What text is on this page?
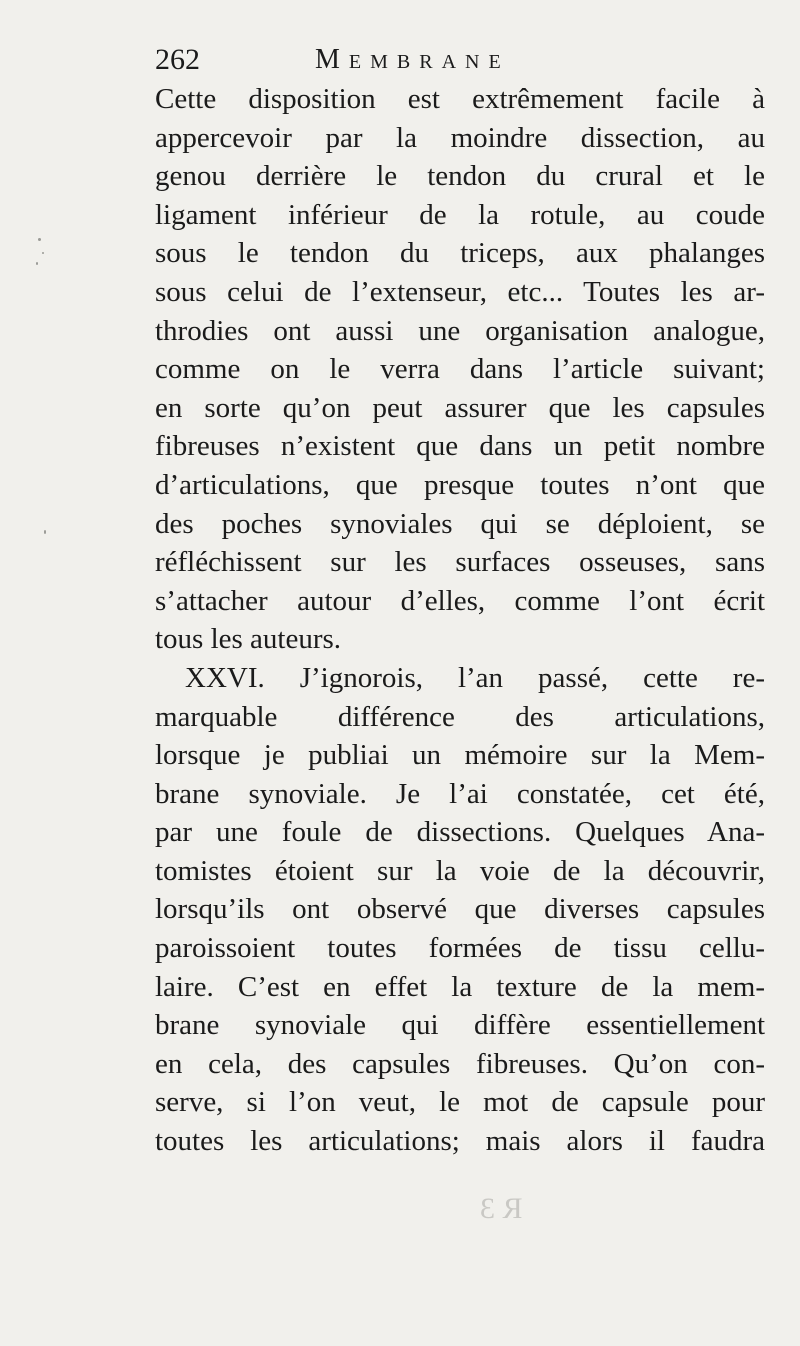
262	Membrane
Cette disposition est extrêmement facile à
appercevoir par la moindre dissection, au
genou derrière le tendon du crural et le
ligament inférieur de la rotule, au coude
sous le tendon du triceps, aux phalanges
sous celui de l’extenseur, etc... Toutes les ar-
throdies ont aussi une organisation analogue,
comme on le verra dans l’article suivant;
en sorte qu’on peut assurer que les capsules
fibreuses n’existent que dans un petit nombre
d’articulations, que presque toutes n’ont que
des poches synoviales qui se déploient, se
réfléchissent sur les surfaces osseuses, sans
s’attacher autour d’elles, comme l’ont écrit
tous les auteurs.
XXVI. J’ignorois, l’an passé, cette re-
marquable différence des articulations,
lorsque je publiai un mémoire sur la Mem-
brane synoviale. Je l’ai constatée, cet été,
par une foule de dissections. Quelques Ana-
tomistes étoient sur la voie de la découvrir,
lorsqu’ils ont observé que diverses capsules
paroissoient toutes formées de tissu cellu-
laire. C’est en effet la texture de la mem-
brane synoviale qui diffère essentiellement
en cela, des capsules fibreuses. Qu’on con-
serve, si l’on veut, le mot de capsule pour
toutes les articulations; mais alors il faudra
R 3
